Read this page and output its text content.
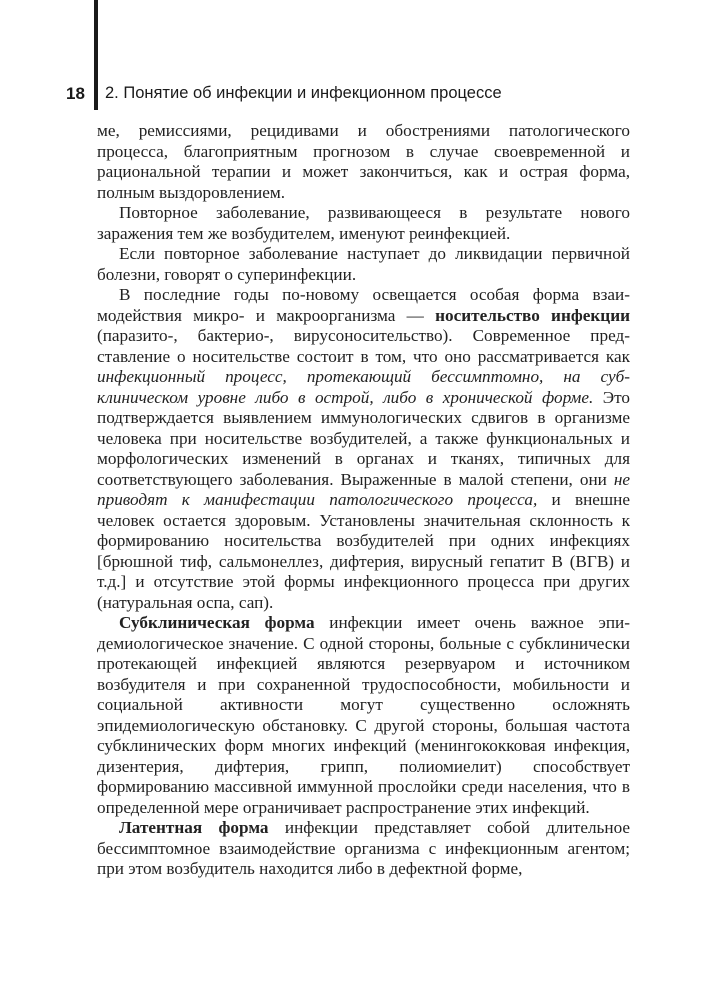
18 2. Понятие об инфекции и инфекционном процессе

ме, ремиссиями, рецидивами и обострениями патологического процесса, благоприятным прогнозом в случае своевременной и рациональной терапии и может закончиться, как и острая форма, полным выздоровлением.

Повторное заболевание, развивающееся в результате нового заражения тем же возбудителем, именуют реинфекцией.

Если повторное заболевание наступает до ликвидации первичной болезни, говорят о суперинфекции.

В последние годы по-новому освещается особая форма взаимодействия микро- и макроорганизма — носительство инфекции (паразито-, бактерио-, вирусоносительство). Современное представление о носительстве состоит в том, что оно рассматривается как инфекционный процесс, протекающий бессимптомно, на субклиническом уровне либо в острой, либо в хронической форме. Это подтверждается выявлением иммунологических сдвигов в организме человека при носительстве возбудителей, а также функциональных и морфологических изменений в органах и тканях, типичных для соответствующего заболевания. Выраженные в малой степени, они не приводят к манифестации патологического процесса, и внешне человек остается здоровым. Установлены значительная склонность к формированию носительства возбудителей при одних инфекциях [брюшной тиф, сальмонеллез, дифтерия, вирусный гепатит В (ВГВ) и т.д.] и отсутствие этой формы инфекционного процесса при других (натуральная оспа, сап).

Субклиническая форма инфекции имеет очень важное эпидемиологическое значение. С одной стороны, больные с субклинически протекающей инфекцией являются резервуаром и источником возбудителя и при сохраненной трудоспособности, мобильности и социальной активности могут существенно осложнять эпидемиологическую обстановку. С другой стороны, большая частота субклинических форм многих инфекций (менингококковая инфекция, дизентерия, дифтерия, грипп, полиомиелит) способствует формированию массивной иммунной прослойки среди населения, что в определенной мере ограничивает распространение этих инфекций.

Латентная форма инфекции представляет собой длительное бессимптомное взаимодействие организма с инфекционным агентом; при этом возбудитель находится либо в дефектной форме,
